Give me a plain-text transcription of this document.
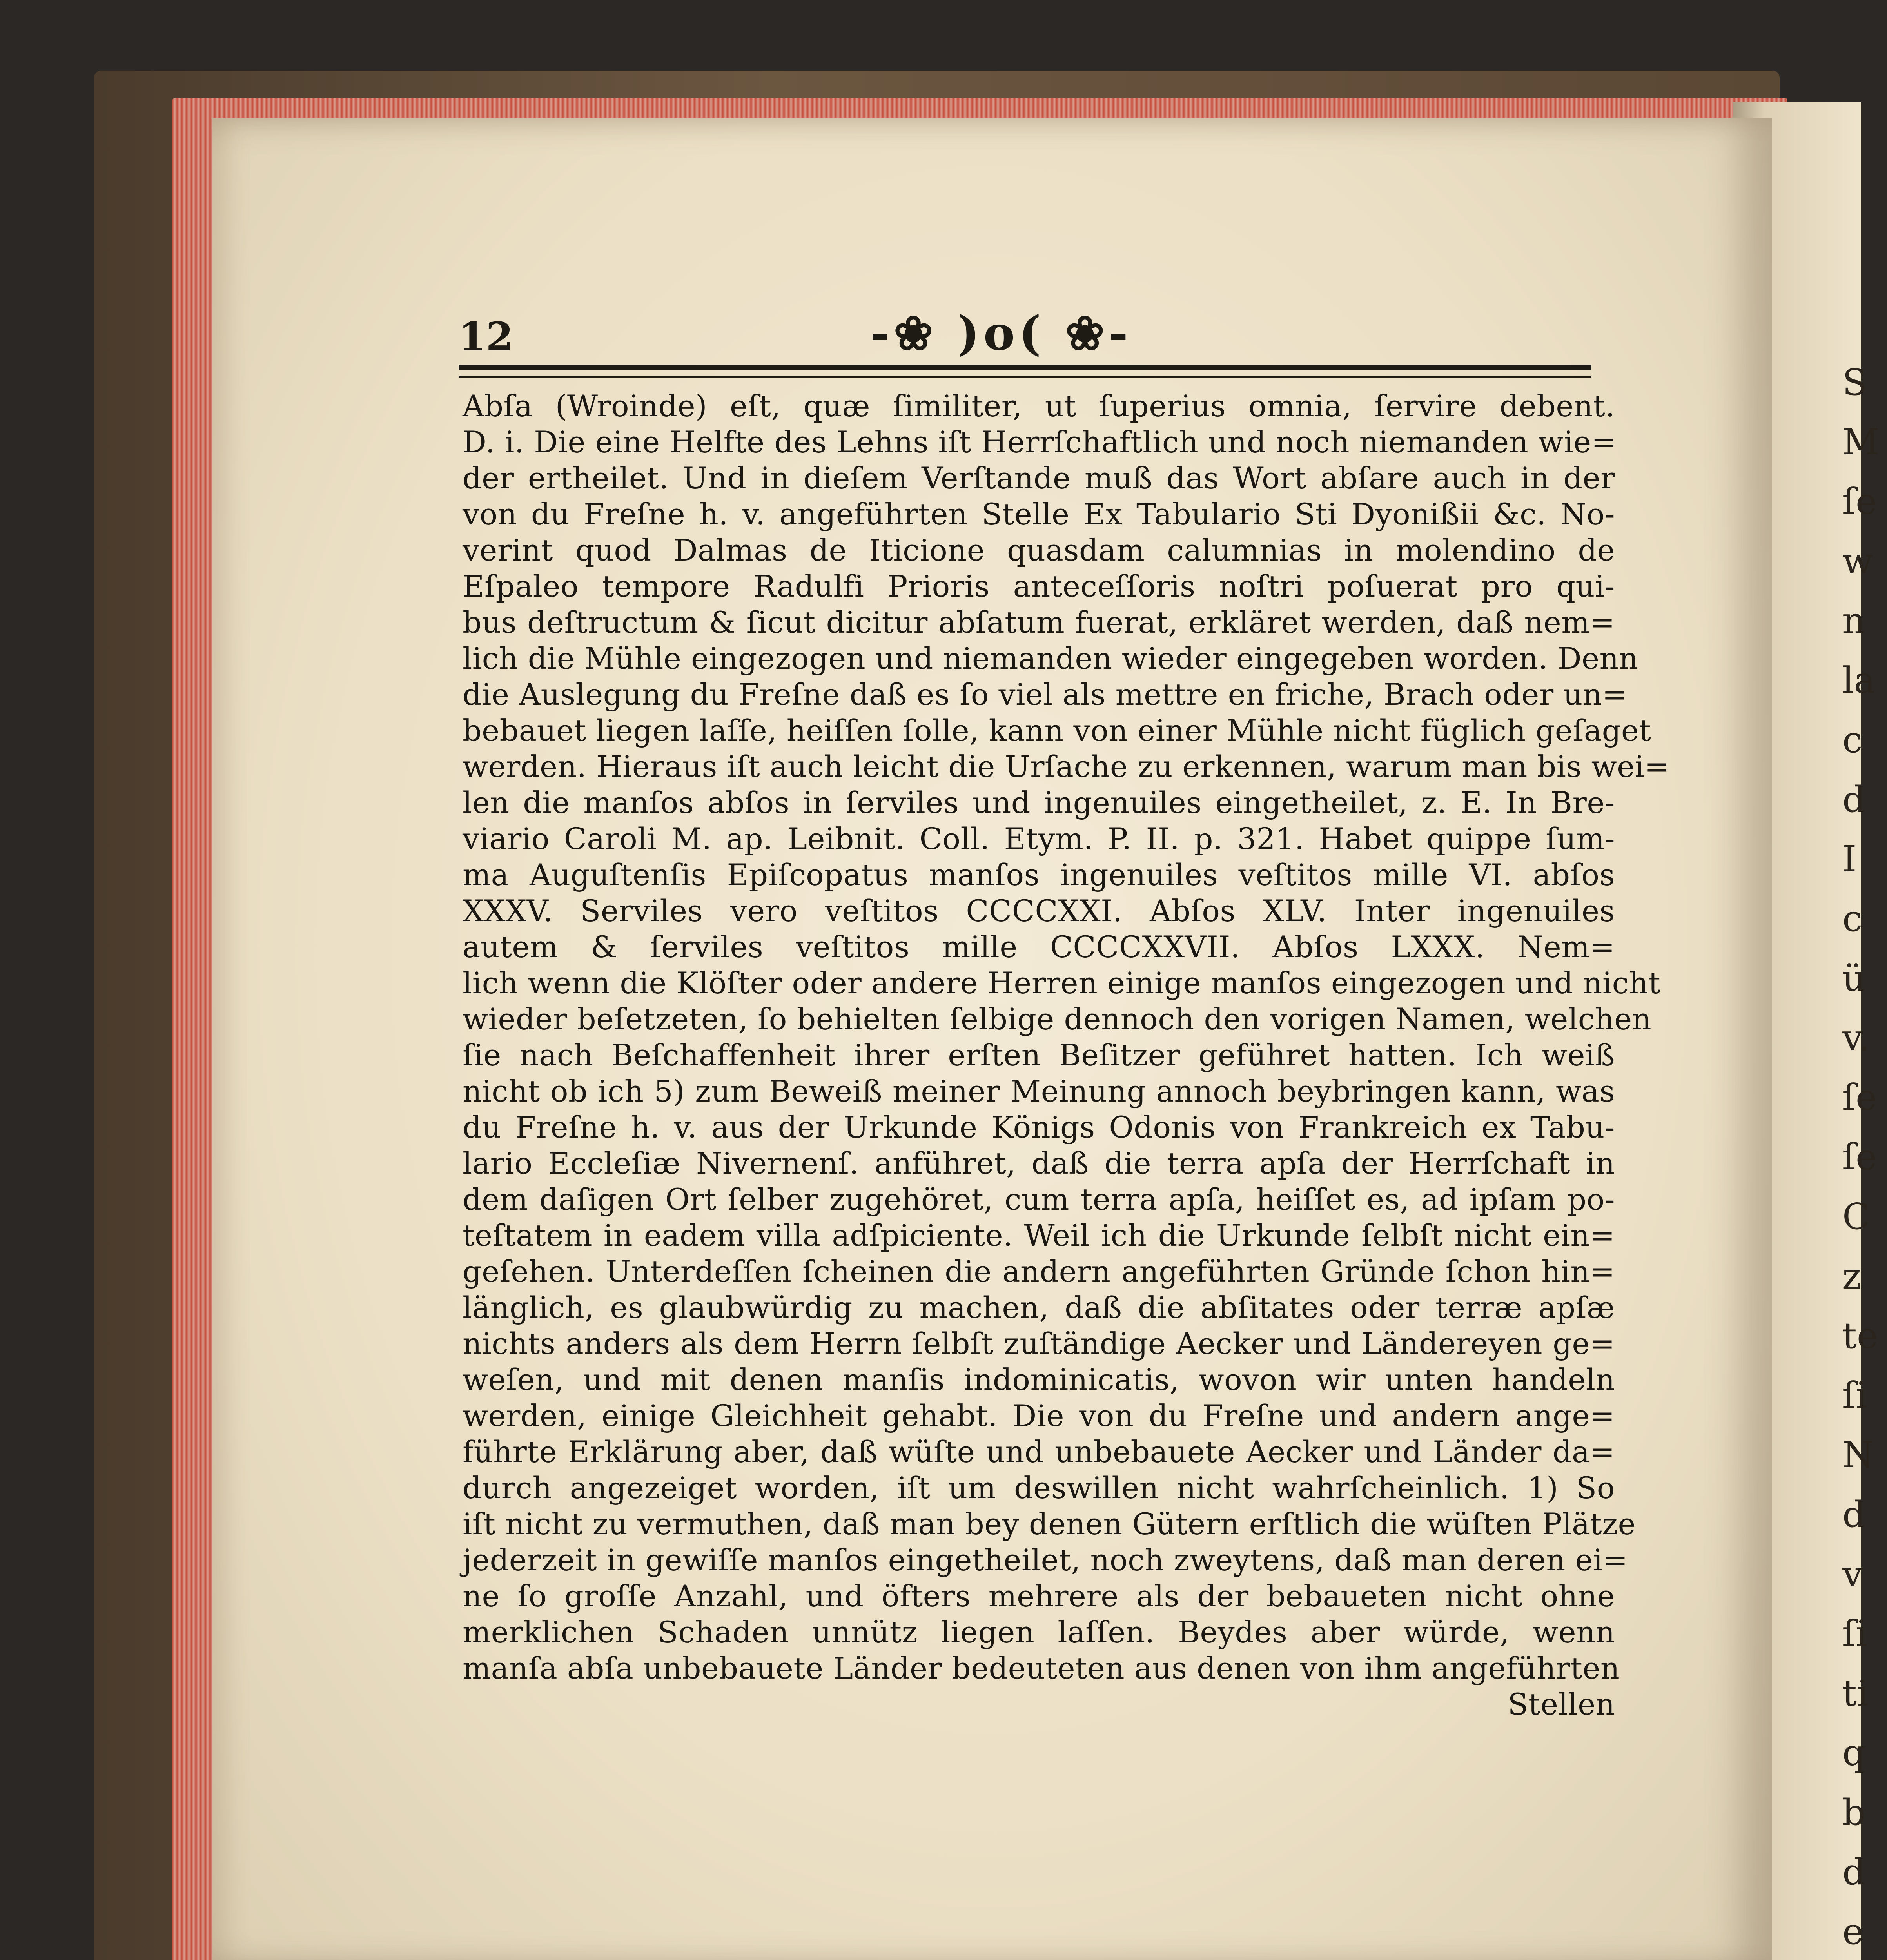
S
M
ſe
w
n
la
c
d
I
c
ü
v.
ſe
ſe
C
z
te
ſi
N
d
v
ſi
ti
q
b
d
e
12	-❀ )o( ❀-
Abſa (Wroinde) eſt, quæ ſimiliter, ut ſuperius omnia, ſervire debent.
D. i. Die eine Helfte des Lehns iſt Herrſchaftlich und noch niemanden wie=
der ertheilet. Und in dieſem Verſtande muß das Wort abſare auch in der
von du Freſne h. v. angeführten Stelle Ex Tabulario Sti Dyonißii &c. No-
verint quod Dalmas de Iticione quasdam calumnias in molendino de
Eſpaleo tempore Radulfi Prioris anteceſſoris noſtri poſuerat pro qui-
bus deſtructum & ſicut dicitur abſatum fuerat, erkläret werden, daß nem=
lich die Mühle eingezogen und niemanden wieder eingegeben worden. Denn
die Auslegung du Freſne daß es ſo viel als mettre en friche, Brach oder un=
bebauet liegen laſſe, heiſſen ſolle, kann von einer Mühle nicht füglich geſaget
werden. Hieraus iſt auch leicht die Urſache zu erkennen, warum man bis wei=
len die manſos abſos in ſerviles und ingenuiles eingetheilet, z. E. In Bre-
viario Caroli M. ap. Leibnit. Coll. Etym. P. II. p. 321. Habet quippe ſum-
ma Auguſtenſis Epiſcopatus manſos ingenuiles veſtitos mille VI. abſos
XXXV. Serviles vero veſtitos CCCCXXI. Abſos XLV. Inter ingenuiles
autem & ſerviles veſtitos mille CCCCXXVII. Abſos LXXX. Nem=
lich wenn die Klöſter oder andere Herren einige manſos eingezogen und nicht
wieder beſetzeten, ſo behielten ſelbige dennoch den vorigen Namen, welchen
ſie nach Beſchaffenheit ihrer erſten Beſitzer geführet hatten. Ich weiß
nicht ob ich 5) zum Beweiß meiner Meinung annoch beybringen kann, was
du Freſne h. v. aus der Urkunde Königs Odonis von Frankreich ex Tabu-
lario Eccleſiæ Nivernenſ. anführet, daß die terra apſa der Herrſchaft in
dem daſigen Ort ſelber zugehöret, cum terra apſa, heiſſet es, ad ipſam po-
teſtatem in eadem villa adſpiciente. Weil ich die Urkunde ſelbſt nicht ein=
geſehen. Unterdeſſen ſcheinen die andern angeführten Gründe ſchon hin=
länglich, es glaubwürdig zu machen, daß die abſitates oder terræ apſæ
nichts anders als dem Herrn ſelbſt zuſtändige Aecker und Ländereyen ge=
weſen, und mit denen manſis indominicatis, wovon wir unten handeln
werden, einige Gleichheit gehabt. Die von du Freſne und andern ange=
führte Erklärung aber, daß wüſte und unbebauete Aecker und Länder da=
durch angezeiget worden, iſt um deswillen nicht wahrſcheinlich. 1) So
iſt nicht zu vermuthen, daß man bey denen Gütern erſtlich die wüſten Plätze
jederzeit in gewiſſe manſos eingetheilet, noch zweytens, daß man deren ei=
ne ſo groſſe Anzahl, und öfters mehrere als der bebaueten nicht ohne
merklichen Schaden unnütz liegen laſſen. Beydes aber würde, wenn
manſa abſa unbebauete Länder bedeuteten aus denen von ihm angeführten
Stellen
